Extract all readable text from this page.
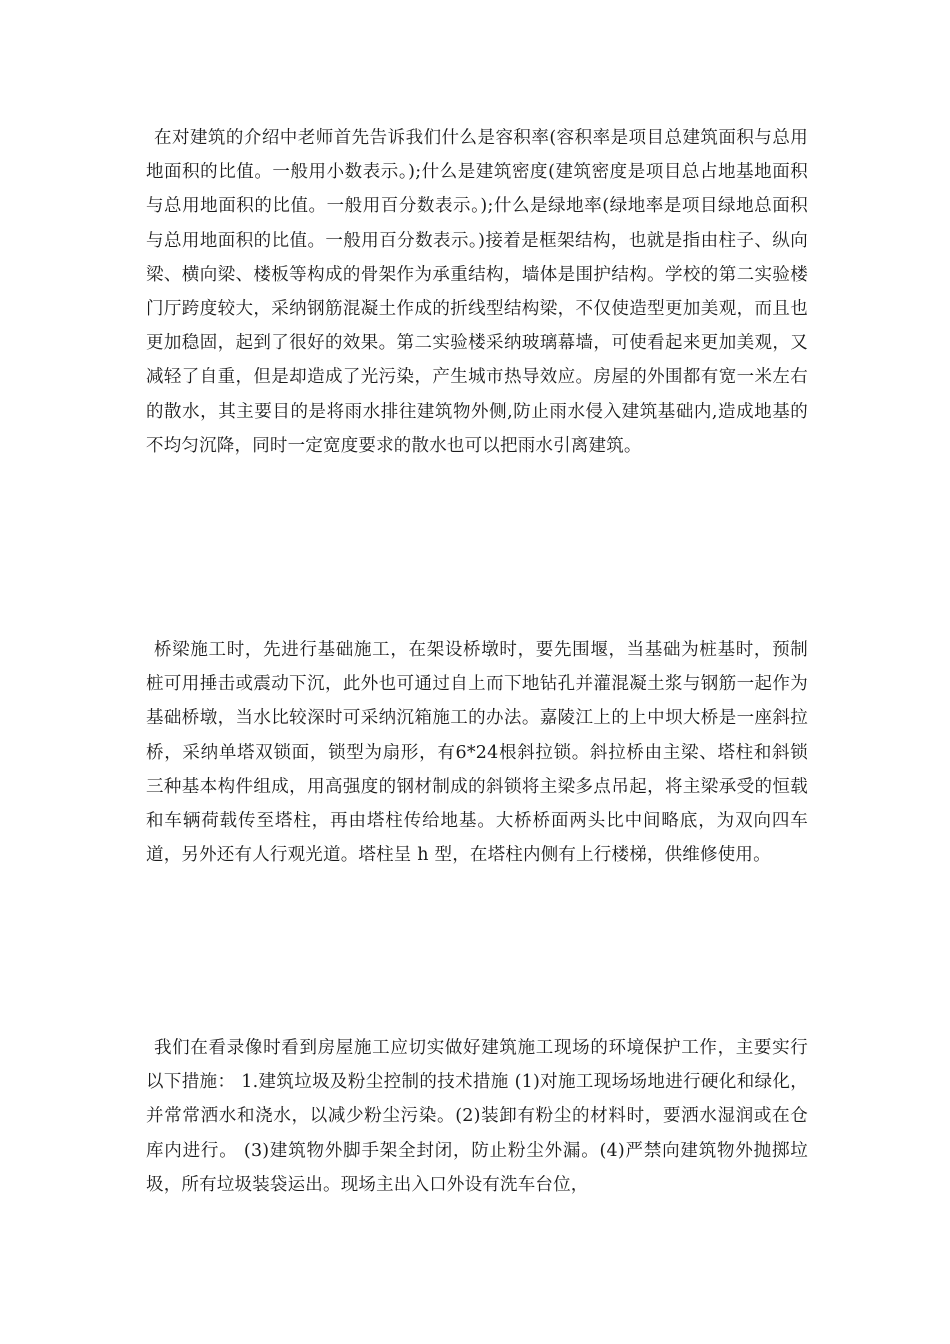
在对建筑的介绍中老师首先告诉我们什么是容积率(容积率是项目总建筑面积与总用地面积的比值。一般用小数表示。);什么是建筑密度(建筑密度是项目总占地基地面积与总用地面积的比值。一般用百分数表示。);什么是绿地率(绿地率是项目绿地总面积与总用地面积的比值。一般用百分数表示。)接着是框架结构，也就是指由柱子、纵向梁、横向梁、楼板等构成的骨架作为承重结构，墙体是围护结构。学校的第二实验楼门厅跨度较大，采纳钢筋混凝土作成的折线型结构梁，不仅使造型更加美观，而且也更加稳固，起到了很好的效果。第二实验楼采纳玻璃幕墙，可使看起来更加美观，又减轻了自重，但是却造成了光污染，产生城市热导效应。房屋的外围都有宽一米左右的散水，其主要目的是将雨水排往建筑物外侧,防止雨水侵入建筑基础内,造成地基的不均匀沉降，同时一定宽度要求的散水也可以把雨水引离建筑。

桥梁施工时，先进行基础施工，在架设桥墩时，要先围堰，当基础为桩基时，预制桩可用捶击或震动下沉，此外也可通过自上而下地钻孔并灌混凝土浆与钢筋一起作为基础桥墩，当水比较深时可采纳沉箱施工的办法。嘉陵江上的上中坝大桥是一座斜拉桥，采纳单塔双锁面，锁型为扇形，有6*24根斜拉锁。斜拉桥由主梁、塔柱和斜锁三种基本构件组成，用高强度的钢材制成的斜锁将主梁多点吊起，将主梁承受的恒载和车辆荷载传至塔柱，再由塔柱传给地基。大桥桥面两头比中间略底，为双向四车道，另外还有人行观光道。塔柱呈 h 型，在塔柱内侧有上行楼梯，供维修使用。

我们在看录像时看到房屋施工应切实做好建筑施工现场的环境保护工作，主要实行以下措施： 1.建筑垃圾及粉尘控制的技术措施 (1)对施工现场场地进行硬化和绿化，并常常洒水和浇水，以减少粉尘污染。(2)装卸有粉尘的材料时，要洒水湿润或在仓库内进行。 (3)建筑物外脚手架全封闭，防止粉尘外漏。(4)严禁向建筑物外抛掷垃圾，所有垃圾装袋运出。现场主出入口外设有洗车台位，
